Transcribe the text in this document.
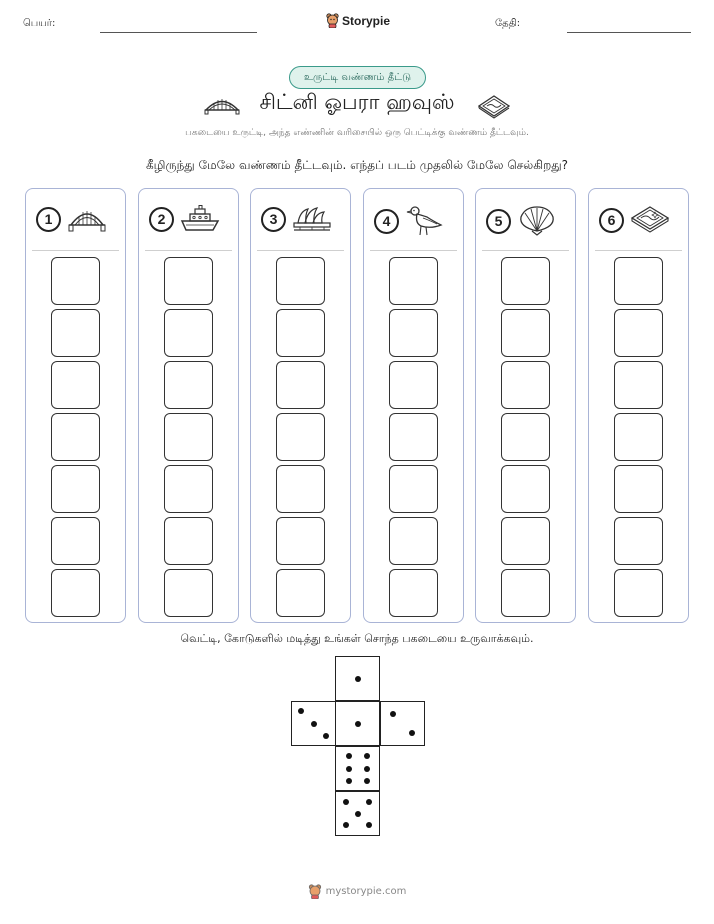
பெயர்:	Storypie	தேதி:
உருட்டி வண்ணம் தீட்டு
சிட்னி ஓபரா ஹவுஸ்
பகடையை உருட்டி, அந்த எண்ணின் வரிசையில் ஒரு பெட்டிக்கு வண்ணம் தீட்டவும்.
கீழிருந்து மேலே வண்ணம் தீட்டவும். எந்தப் படம் முதலில் மேலே செல்கிறது?
1	2	3	4	5	6
வெட்டி, கோடுகளில் மடித்து உங்கள் சொந்த பகடையை உருவாக்கவும்.
mystorypie.com
